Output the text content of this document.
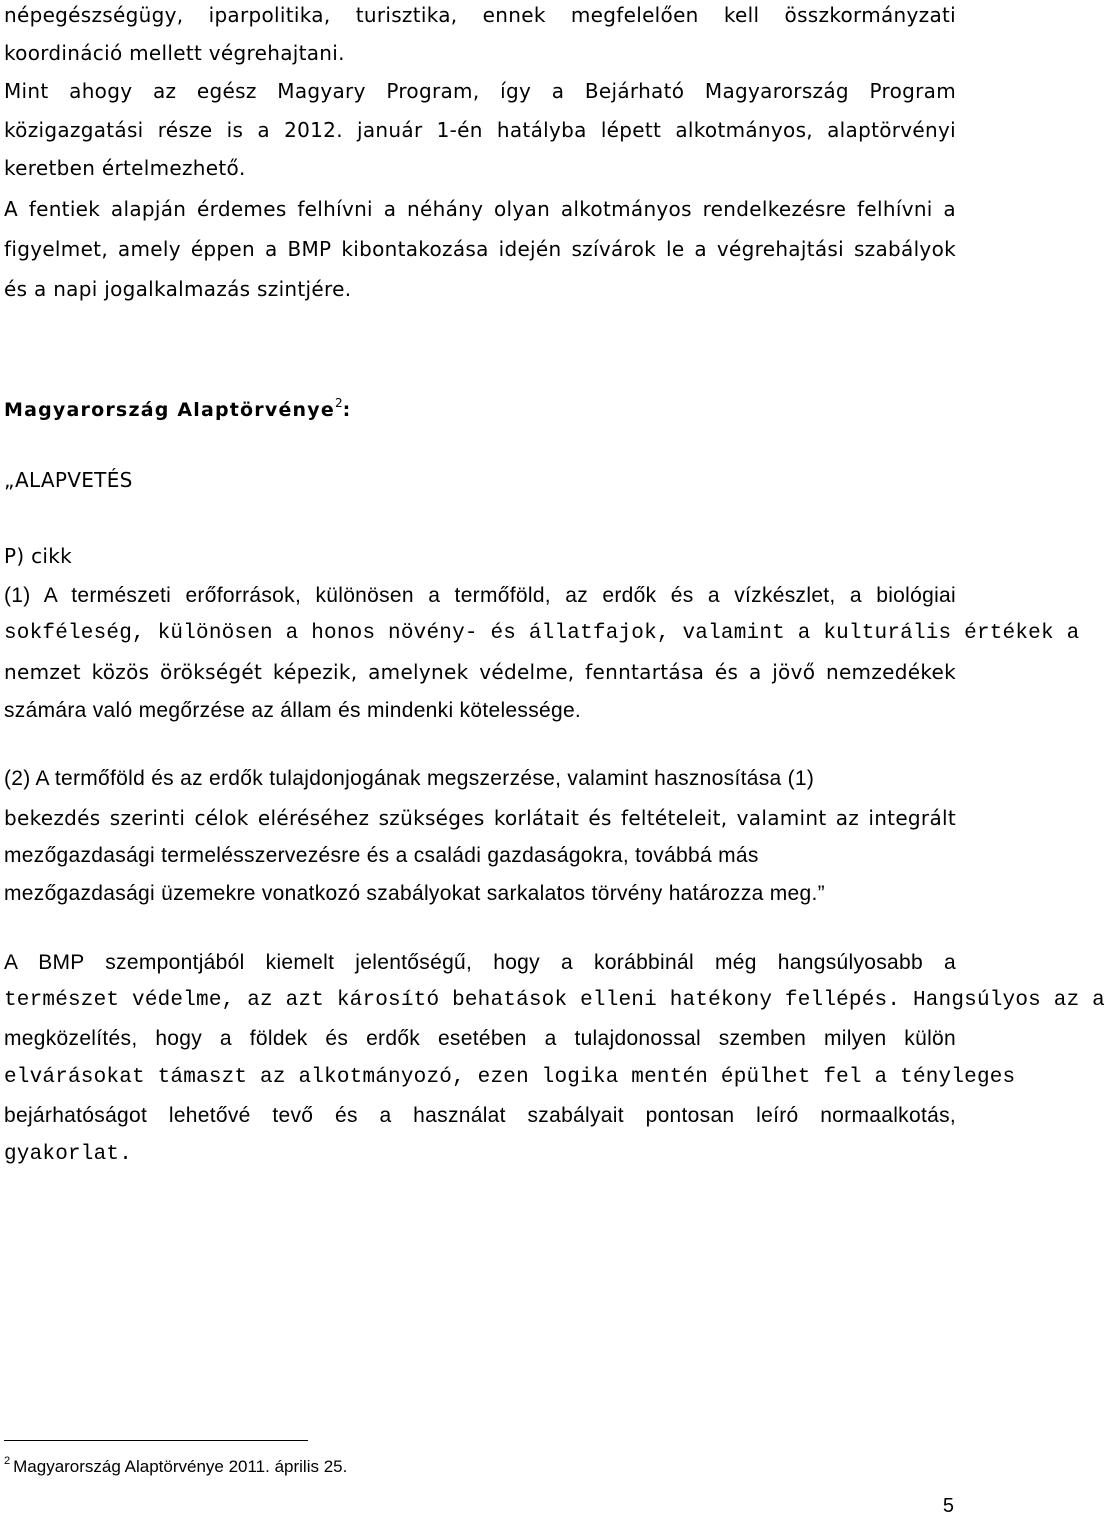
népegészségügy, iparpolitika, turisztika, ennek megfelelően kell összkormányzati
koordináció mellett végrehajtani.
Mint ahogy az egész Magyary Program, így a Bejárható Magyarország Program
közigazgatási része is a 2012. január 1-én hatályba lépett alkotmányos, alaptörvényi
keretben értelmezhető.
A fentiek alapján érdemes felhívni a néhány olyan alkotmányos rendelkezésre felhívni a
figyelmet, amely éppen a BMP kibontakozása idején szívárok le a végrehajtási szabályok
és a napi jogalkalmazás szintjére.
Magyarország Alaptörvénye$^2$:
„ALAPVETÉS
P) cikk
(1) A természeti erőforrások, különösen a termőföld, az erdők és a vízkészlet, a biológiai
sokféleség, különösen a honos növény- és állatfajok, valamint a kulturális értékek a
nemzet közös örökségét képezik, amelynek védelme, fenntartása és a jövő nemzedékek
számára való megőrzése az állam és mindenki kötelessége.
(2) A termőföld és az erdők tulajdonjogának megszerzése, valamint hasznosítása (1)
bekezdés szerinti célok eléréséhez szükséges korlátait és feltételeit, valamint az integrált
mezőgazdasági termelésszervezésre és a családi gazdaságokra, továbbá más
mezőgazdasági üzemekre vonatkozó szabályokat sarkalatos törvény határozza meg.”
A BMP szempontjából kiemelt jelentőségű, hogy a korábbinál még hangsúlyosabb a
természet védelme, az azt károsító behatások elleni hatékony fellépés. Hangsúlyos az a
megközelítés, hogy a földek és erdők esetében a tulajdonossal szemben milyen külön
elvárásokat támaszt az alkotmányozó, ezen logika mentén épülhet fel a tényleges
bejárhatóságot lehetővé tevő és a használat szabályait pontosan leíró normaalkotás,
gyakorlat.
$^2$ Magyarország Alaptörvénye 2011. április 25.
5
